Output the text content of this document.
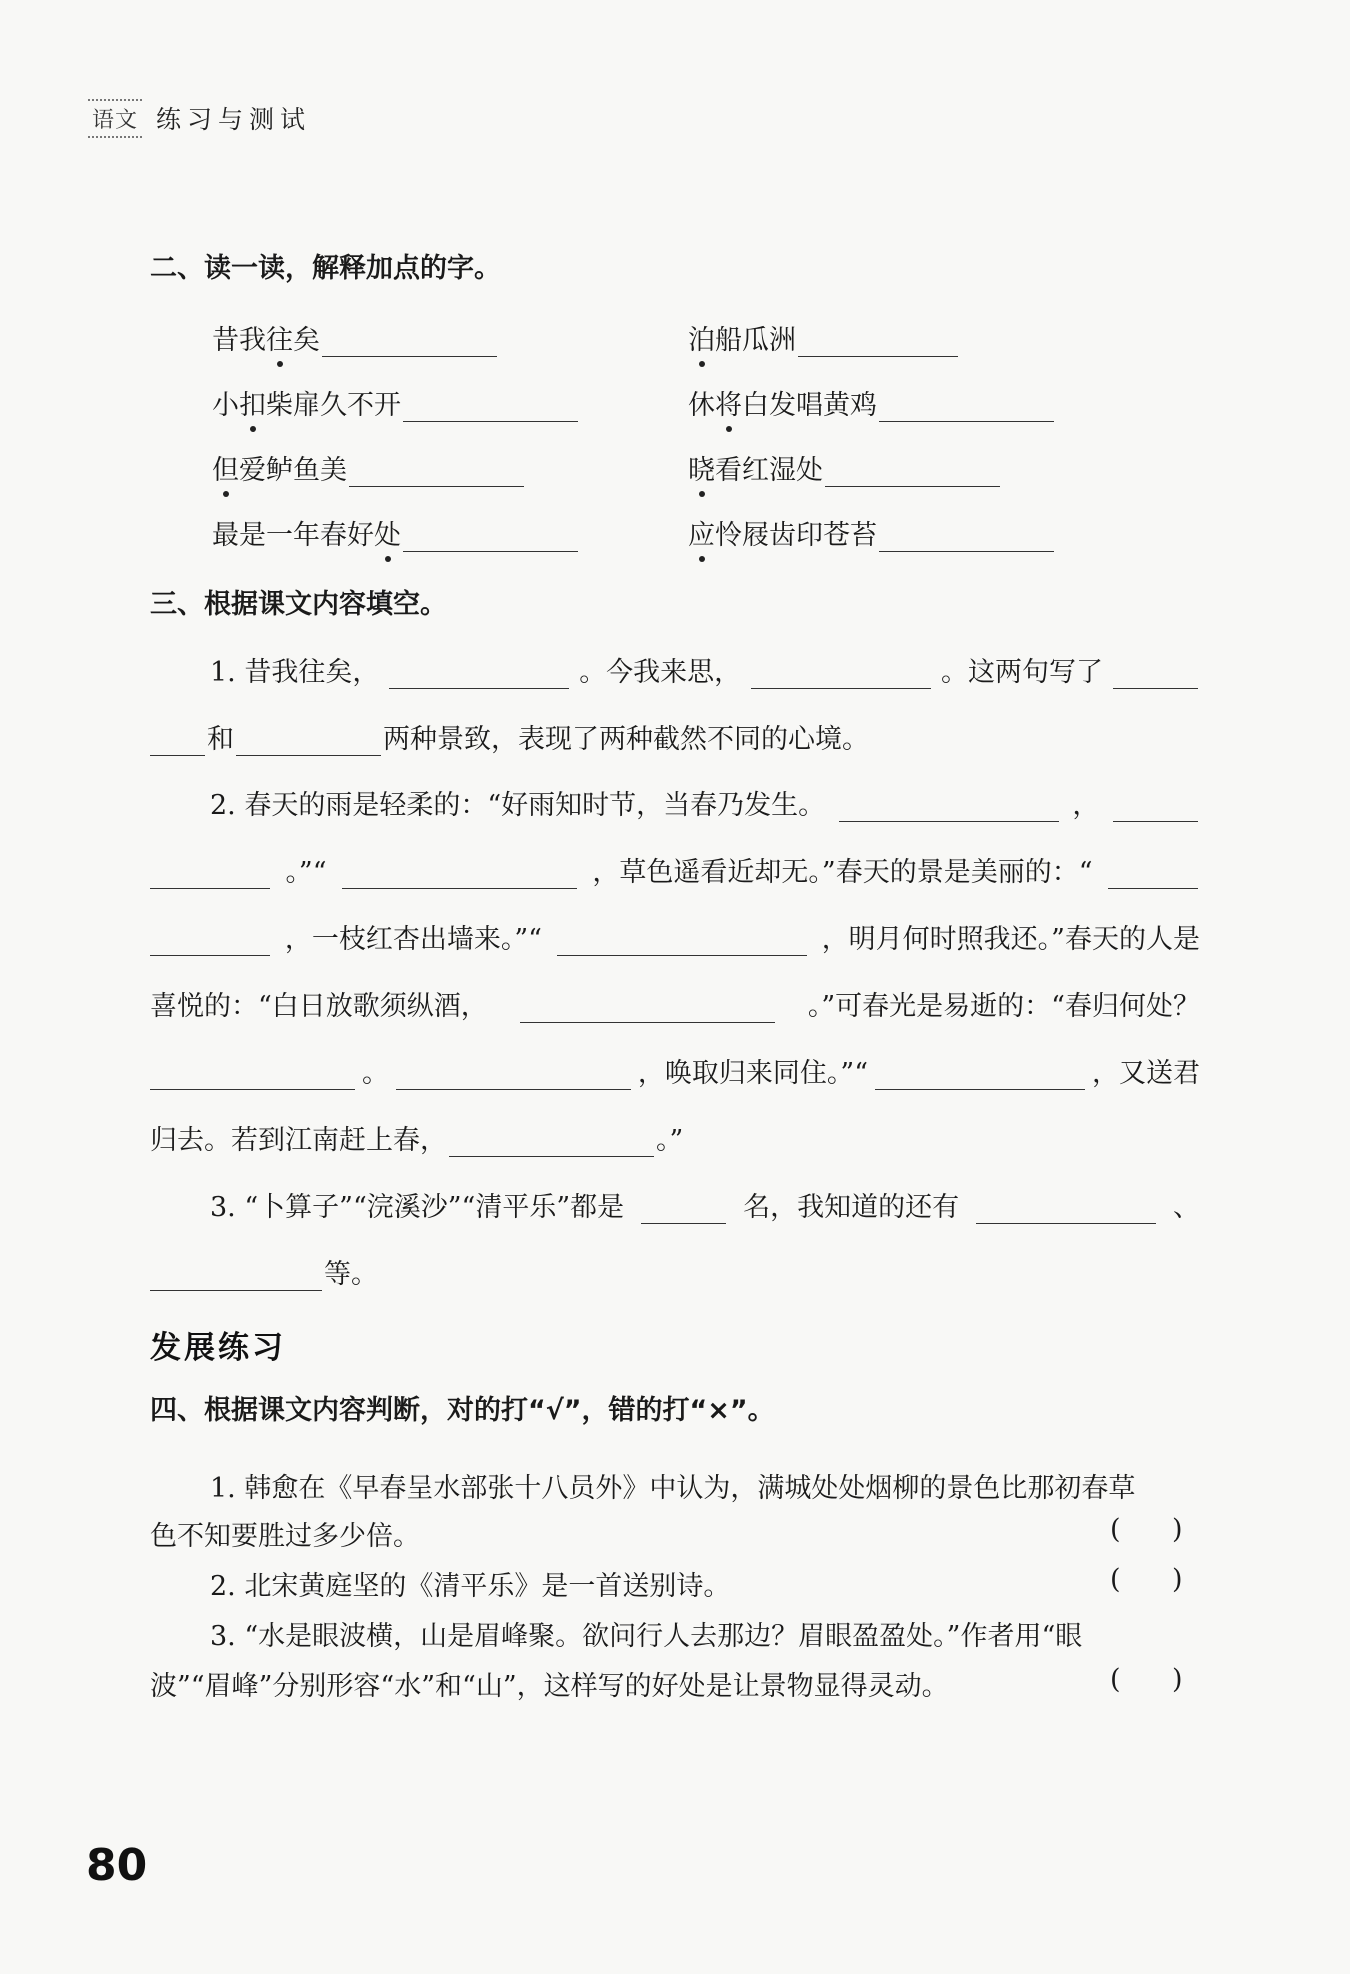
语文 练习与测试
二、读一读，解释加点的字。
昔我往矣	泊船瓜洲
小扣柴扉久不开	休将白发唱黄鸡
但爱鲈鱼美	晓看红湿处
最是一年春好处	应怜屐齿印苍苔
三、根据课文内容填空。
1. 昔我往矣，	。今我来思，	。这两句写了
和	两种景致，表现了两种截然不同的心境。
2. 春天的雨是轻柔的：“好雨知时节，当春乃发生。	，
。”“	，草色遥看近却无。”春天的景是美丽的：“
，一枝红杏出墙来。”“	，明月何时照我还。”春天的人是
喜悦的：“白日放歌须纵酒，	。”可春光是易逝的：“春归何处？
。	，唤取归来同住。”“	，又送君
归去。若到江南赶上春，	。”
3. “卜算子”“浣溪沙”“清平乐”都是	名，我知道的还有	、
等。
发展练习
四、根据课文内容判断，对的打“√”，错的打“×”。
1. 韩愈在《早春呈水部张十八员外》中认为，满城处处烟柳的景色比那初春草
色不知要胜过多少倍。	(      )
2. 北宋黄庭坚的《清平乐》是一首送别诗。	(      )
3. “水是眼波横，山是眉峰聚。欲问行人去那边？眉眼盈盈处。”作者用“眼
波”“眉峰”分别形容“水”和“山”，这样写的好处是让景物显得灵动。	(      )
80
